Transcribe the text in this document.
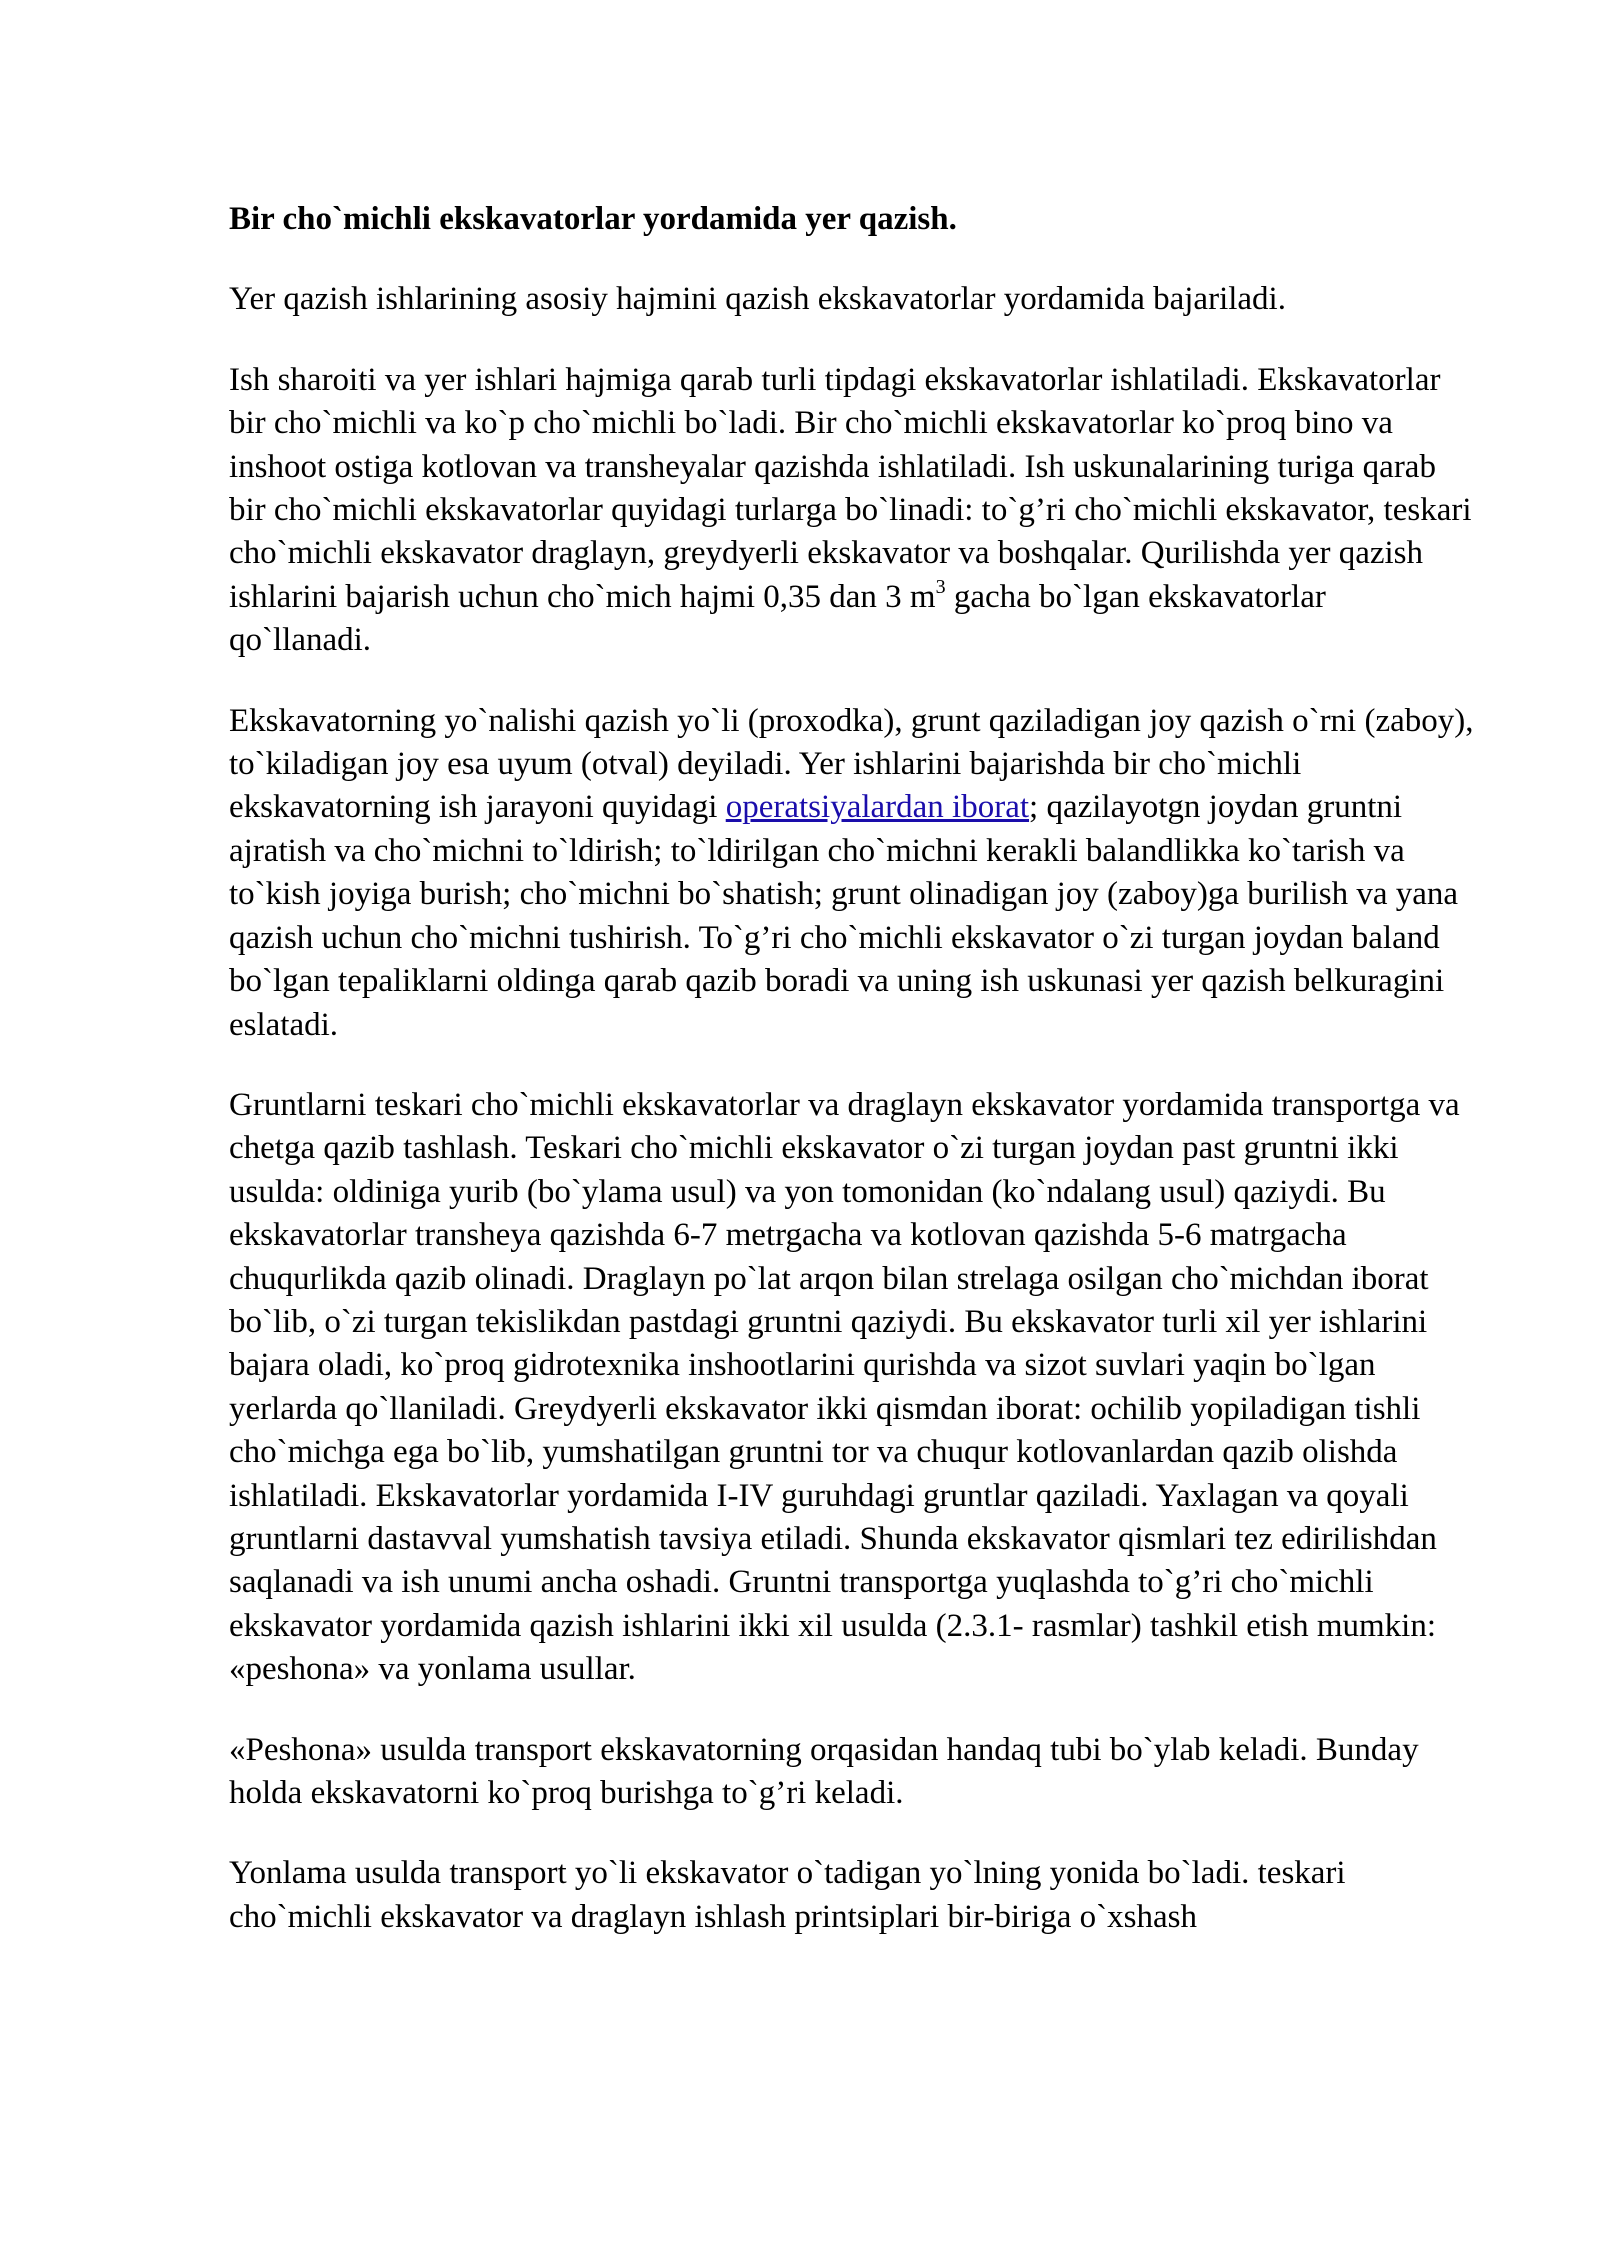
Bir cho`michli ekskavatorlar yordamida yer qazish.

Yer qazish ishlarining asosiy hajmini qazish ekskavatorlar yordamida bajariladi.

Ish sharoiti va yer ishlari hajmiga qarab turli tipdagi ekskavatorlar ishlatiladi. Ekskavatorlar bir cho`michli va ko`p cho`michli bo`ladi. Bir cho`michli ekskavatorlar ko`proq bino va inshoot ostiga kotlovan va transheyalar qazishda ishlatiladi. Ish uskunalarining turiga qarab bir cho`michli ekskavatorlar quyidagi turlarga bo`linadi: to`g’ri cho`michli ekskavator, teskari cho`michli ekskavator draglayn, greydyerli ekskavator va boshqalar. Qurilishda yer qazish ishlarini bajarish uchun cho`mich hajmi 0,35 dan 3 $m^3$ gacha bo`lgan ekskavatorlar qo`llanadi.

Ekskavatorning yo`nalishi qazish yo`li (proxodka), grunt qaziladigan joy qazish o`rni (zaboy), to`kiladigan joy esa uyum (otval) deyiladi. Yer ishlarini bajarishda bir cho`michli ekskavatorning ish jarayoni quyidagi operatsiyalardan iborat; qazilayotgn joydan gruntni ajratish va cho`michni to`ldirish; to`ldirilgan cho`michni kerakli balandlikka ko`tarish va to`kish joyiga burish; cho`michni bo`shatish; grunt olinadigan joy (zaboy)ga burilish va yana qazish uchun cho`michni tushirish. To`g’ri cho`michli ekskavator o`zi turgan joydan baland bo`lgan tepaliklarni oldinga qarab qazib boradi va uning ish uskunasi yer qazish belkuragini eslatadi.

Gruntlarni teskari cho`michli ekskavatorlar va draglayn ekskavator yordamida transportga va chetga qazib tashlash. Teskari cho`michli ekskavator o`zi turgan joydan past gruntni ikki usulda: oldiniga yurib (bo`ylama usul) va yon tomonidan (ko`ndalang usul) qaziydi. Bu ekskavatorlar transheya qazishda 6-7 metrgacha va kotlovan qazishda 5-6 matrgacha chuqurlikda qazib olinadi. Draglayn po`lat arqon bilan strelaga osilgan cho`michdan iborat bo`lib, o`zi turgan tekislikdan pastdagi gruntni qaziydi. Bu ekskavator turli xil yer ishlarini bajara oladi, ko`proq gidrotexnika inshootlarini qurishda va sizot suvlari yaqin bo`lgan yerlarda qo`llaniladi. Greydyerli ekskavator ikki qismdan iborat: ochilib yopiladigan tishli cho`michga ega bo`lib, yumshatilgan gruntni tor va chuqur kotlovanlardan qazib olishda ishlatiladi. Ekskavatorlar yordamida I-IV guruhdagi gruntlar qaziladi. Yaxlagan va qoyali gruntlarni dastavval yumshatish tavsiya etiladi. Shunda ekskavator qismlari tez edirilishdan saqlanadi va ish unumi ancha oshadi. Gruntni transportga yuqlashda to`g’ri cho`michli ekskavator yordamida qazish ishlarini ikki xil usulda (2.3.1- rasmlar) tashkil etish mumkin: «peshona» va yonlama usullar.

«Peshona» usulda transport ekskavatorning orqasidan handaq tubi bo`ylab keladi. Bunday holda ekskavatorni ko`proq burishga to`g’ri keladi.

Yonlama usulda transport yo`li ekskavator o`tadigan yo`lning yonida bo`ladi. teskari cho`michli ekskavator va draglayn ishlash printsiplari bir-biriga o`xshash
